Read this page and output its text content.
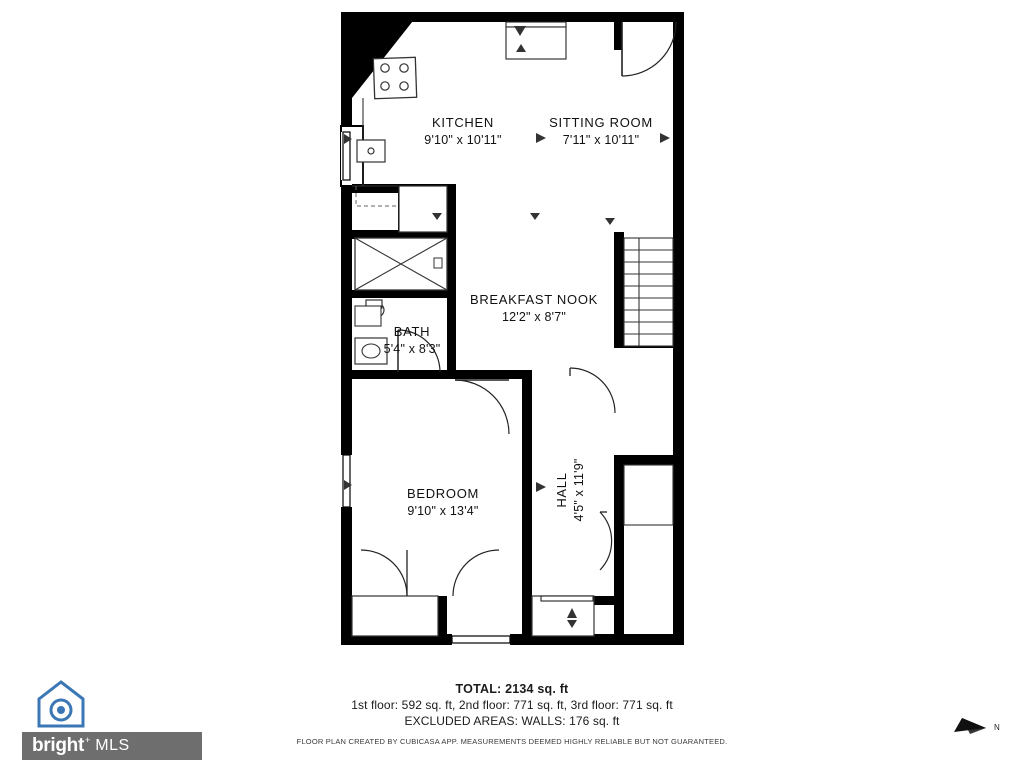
KITCHEN
9'10" x 10'11"
SITTING ROOM
7'11" x 10'11"
BREAKFAST NOOK
12'2" x 8'7"
BATH
5'4" x 8'3"
BEDROOM
9'10" x 13'4"
HALL 4'5" x 11'9"
TOTAL: 2134 sq. ft
1st floor: 592 sq. ft, 2nd floor: 771 sq. ft, 3rd floor: 771 sq. ft
EXCLUDED AREAS: WALLS: 176 sq. ft
FLOOR PLAN CREATED BY CUBICASA APP. MEASUREMENTS DEEMED HIGHLY RELIABLE BUT NOT GUARANTEED.
bright + MLS
N
